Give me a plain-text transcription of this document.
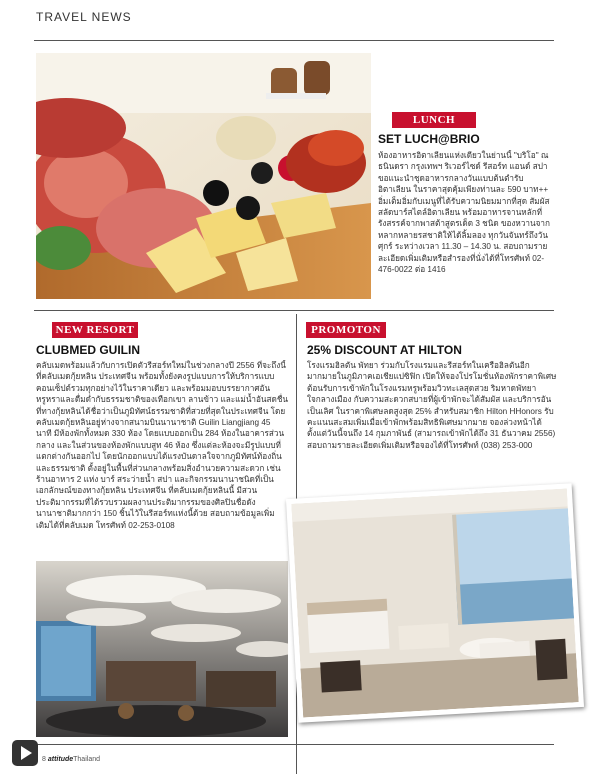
TRAVEL NEWS
LUNCH
SET LUCH@BRIO
ห้องอาหารอิตาเลียนแห่งเดียวในย่านนี้ "บริโอ" ณ ธนินดรา กรุงเทพฯ ริเวอร์ไซด์ รีสอร์ท แอนด์ สปา ขอแนะนำชุดอาหารกลางวันแบบต้นตำรับอิตาเลียน ในราคาสุดคุ้มเพียงท่านละ 590 บาท++ อิ่มเต็มอิ่มกับเมนูที่ได้รับความนิยมมากที่สุด สัมผัสสลัดบาร์สไตล์อิตาเลียน พร้อมอาหารจานหลักที่รังสรรค์จากพาสต้าสูตรเด็ด 3 ชนิด ของหวานจากหลากหลายรสชาติให้ได้ลิ้มลอง ทุกวันจันทร์ถึงวันศุกร์ ระหว่างเวลา 11.30 – 14.30 น. สอบถามรายละเอียดเพิ่มเติมหรือสำรองที่นั่งได้ที่โทรศัพท์ 02-476-0022 ต่อ 1416
NEW RESORT
CLUBMED GUILIN
คลับเมดพร้อมแล้วกับการเปิดตัวรีสอร์ทใหม่ในช่วงกลางปี 2556 ที่จะถึงนี้ ที่คลับเมดกุ้ยหลิน ประเทศจีน พร้อมทั้งยังคงรูปแบบการให้บริการแบบคอนเซ็ปต์รวมทุกอย่างไว้ในราคาเดียว และพร้อมมอบบรรยากาศอันหรูหราและดื่มด่ำกับธรรมชาติของเทือกเขา ลานข้าว และแม่น้ำอันสดชื่น ที่ทางกุ้ยหลินได้ชื่อว่าเป็นภูมิทัศน์ธรรมชาติที่สวยที่สุดในประเทศจีน โดยคลับเมดกุ้ยหลินอยู่ห่างจากสนามบินนานาชาติ Guilin Liangjiang 45 นาที มีห้องพักทั้งหมด 330 ห้อง โดยแบบออกเป็น 284 ห้องในอาคารส่วนกลาง และในส่วนของห้องพักแบบสูท 46 ห้อง ซึ่งแต่ละห้องจะมีรูปแบบที่แตกต่างกันออกไป โดยนักออกแบบได้แรงบันดาลใจจากภูมิทัศน์ท้องถิ่น และธรรมชาติ ตั้งอยู่ในพื้นที่ส่วนกลางพร้อมสิ่งอำนวยความสะดวก เช่น ร้านอาหาร 2 แห่ง บาร์ สระว่ายน้ำ สปา และกิจกรรมนานาชนิดที่เป็นเอกลักษณ์ของทางกุ้ยหลิน ประเทศจีน ที่คลับเมดกุ้ยหลินนี้ มีสวนประติมากรรมที่ได้รวบรวมผลงานประติมากรรมของศิลปินชื่อดังนานาชาติมากกว่า 150 ชิ้นไว้ในรีสอร์ทแห่งนี้ด้วย สอบถามข้อมูลเพิ่มเติมได้ที่คลับเมด โทรศัพท์ 02-253-0108
PROMOTON
25% DISCOUNT AT HILTON
โรงแรมฮิลตัน พัทยา ร่วมกับโรงแรมและรีสอร์ทในเครือฮิลตันอีกมากมายในภูมิภาคเอเชียแปซิฟิก เปิดให้จองโปรโมชั่นห้องพักราคาพิเศษ ต้อนรับการเข้าพักในโรงแรมหรูพร้อมวิวทะเลสุดสวย ริมหาดพัทยาใจกลางเมือง กับความสะดวกสบายที่ผู้เข้าพักจะได้สัมผัส และบริการอันเป็นเลิศ ในราคาพิเศษลดสูงสุด 25% สำหรับสมาชิก Hilton HHonors รับคะแนนสะสมเพิ่มเมื่อเข้าพักพร้อมสิทธิพิเศษมากมาย จองล่วงหน้าได้ตั้งแต่วันนี้จนถึง 14 กุมภาพันธ์ (สามารถเข้าพักได้ถึง 31 ธันวาคม 2556) สอบถามรายละเอียดเพิ่มเติมหรือจองได้ที่โทรศัพท์ (038) 253-000
8 attitudeThailand
